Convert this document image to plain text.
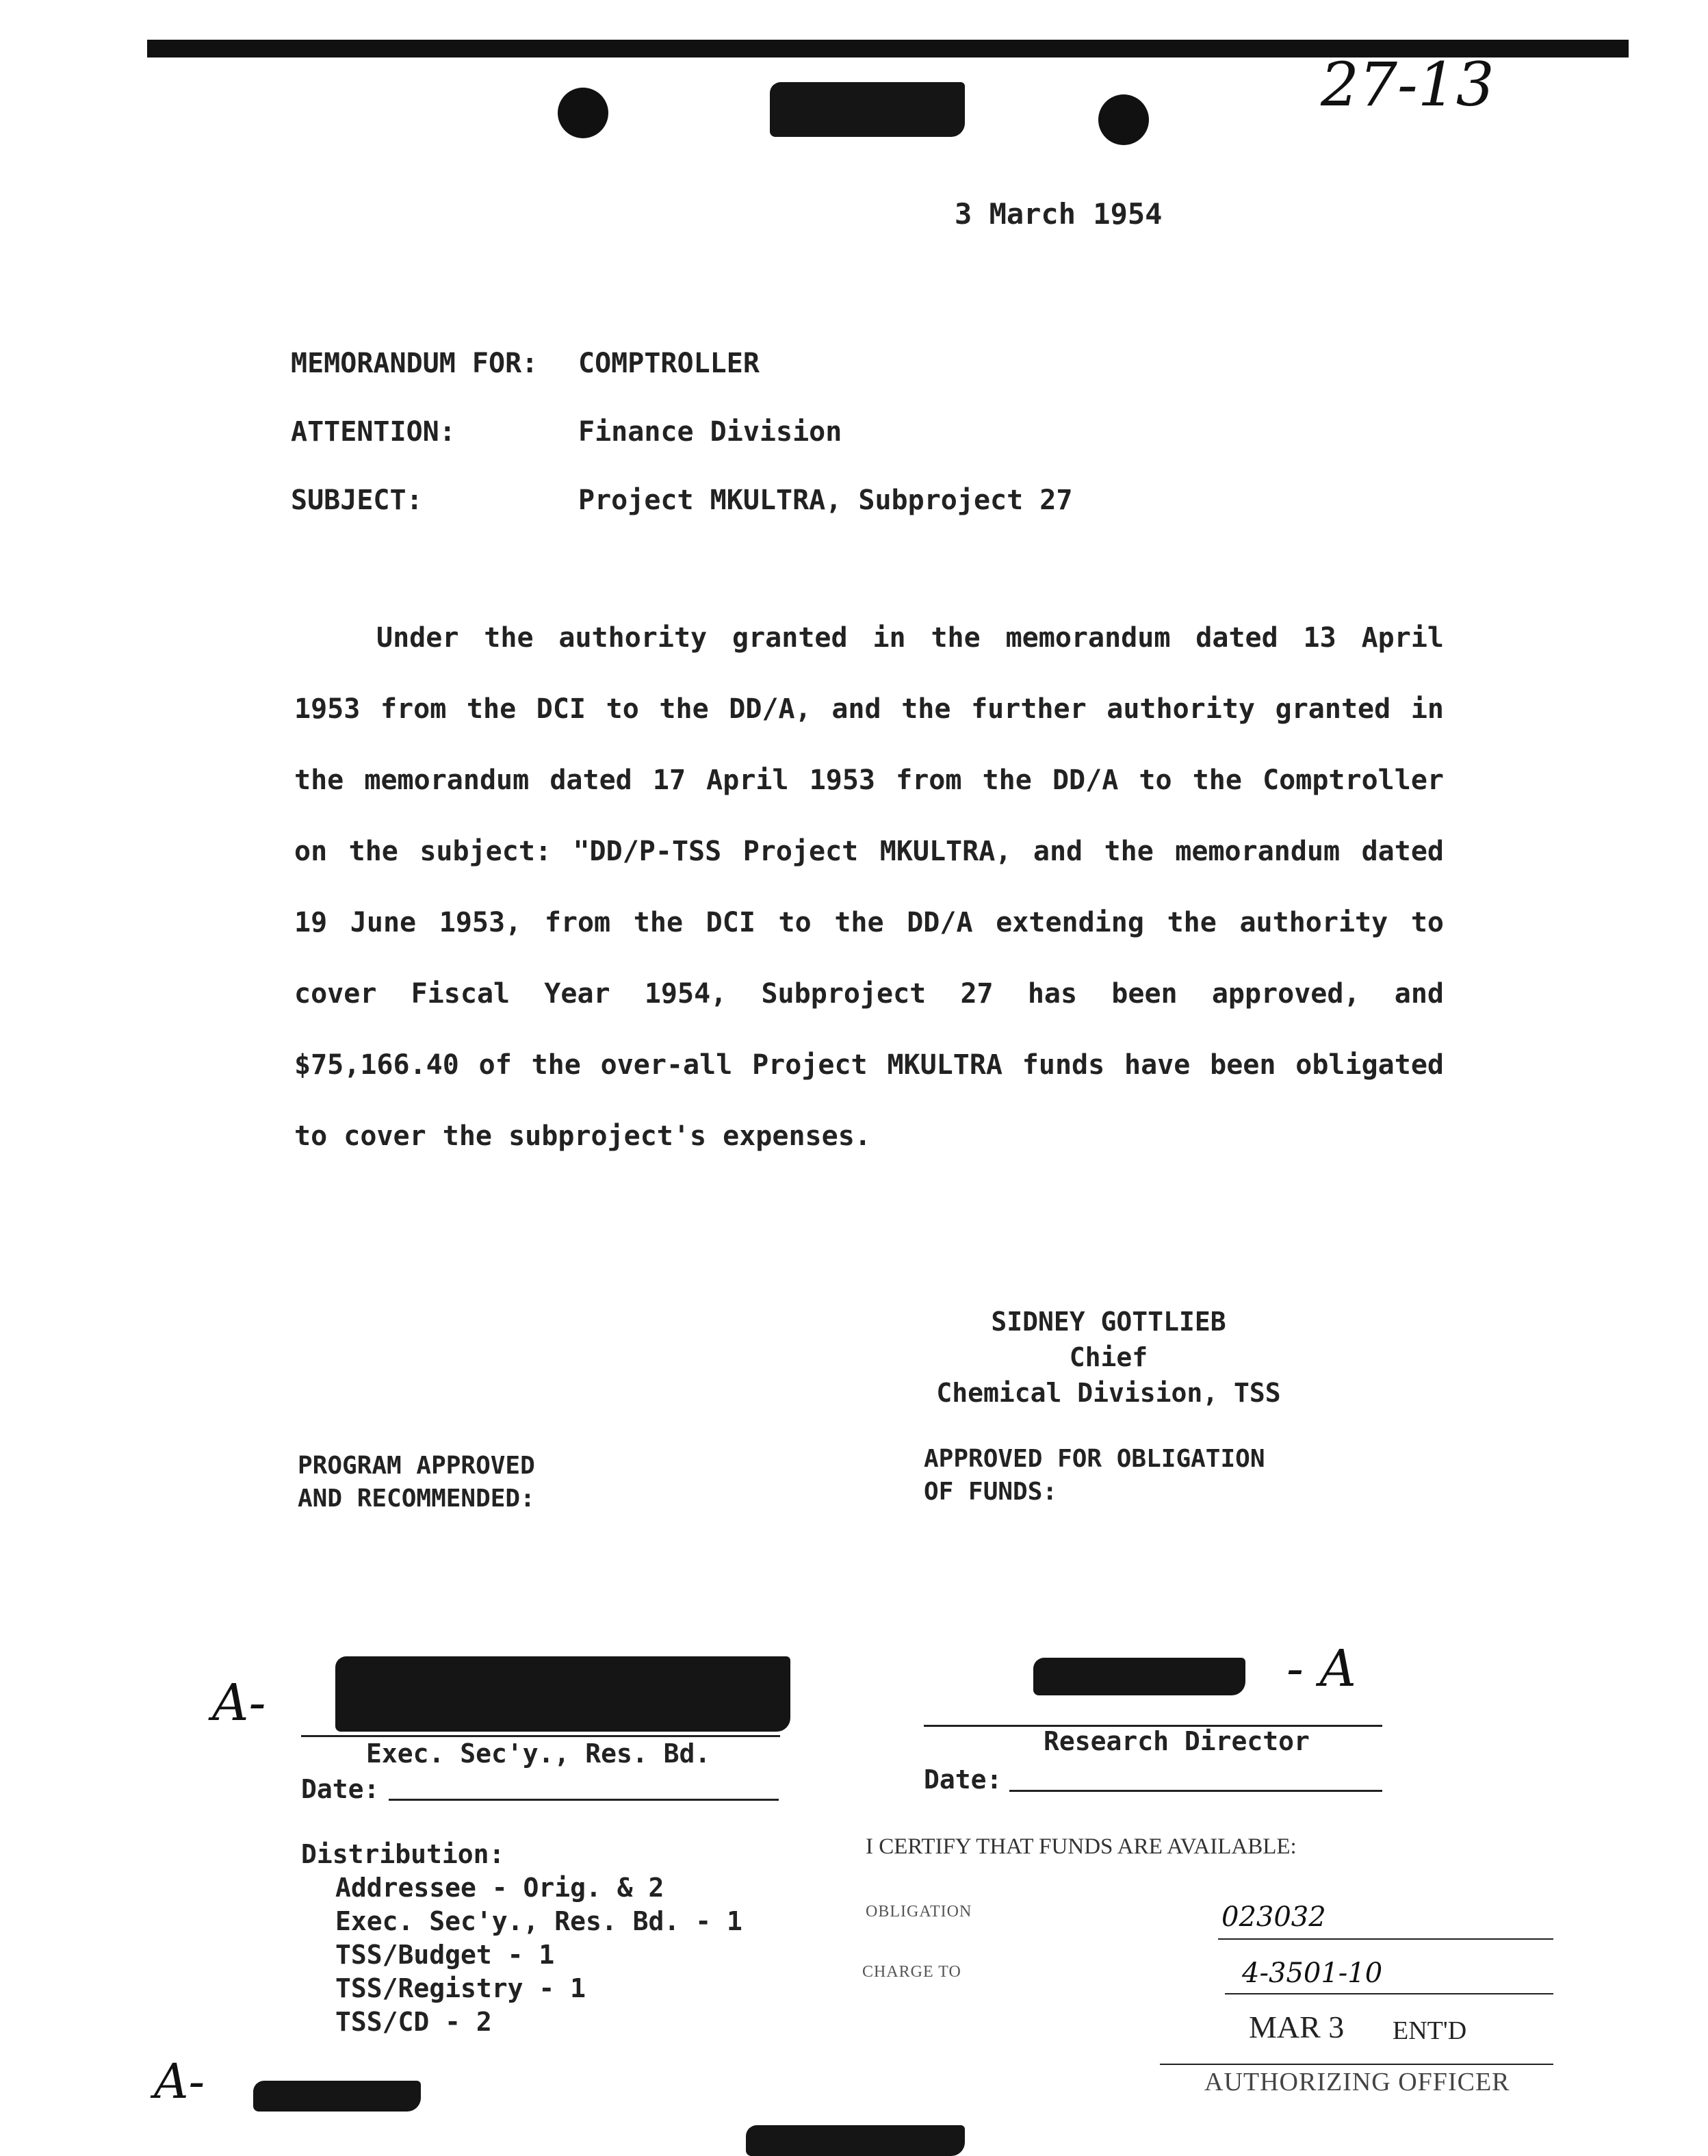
27-13
3 March 1954
MEMORANDUM FOR: COMPTROLLER
ATTENTION:	Finance Division
SUBJECT:	Project MKULTRA, Subproject 27

Under the authority granted in the memorandum dated 13 April 1953 from the DCI to the DD/A, and the further authority granted in the memorandum dated 17 April 1953 from the DD/A to the Comptroller on the subject: "DD/P-TSS Project MKULTRA, and the memorandum dated 19 June 1953, from the DCI to the DD/A extending the authority to cover Fiscal Year 1954, Subproject 27 has been approved, and $75,166.40 of the over-all Project MKULTRA funds have been obligated to cover the subproject's expenses.

SIDNEY GOTTLIEB
Chief
Chemical Division, TSS
PROGRAM APPROVED
AND RECOMMENDED:
APPROVED FOR OBLIGATION
OF FUNDS:
A-
- A
Exec. Sec'y., Res. Bd.	Research Director
Date:	Date:
Distribution:
Addressee - Orig. & 2
Exec. Sec'y., Res. Bd. - 1
TSS/Budget - 1
TSS/Registry - 1
TSS/CD - 2
I CERTIFY THAT FUNDS ARE AVAILABLE:
OBLIGATION	023032
CHARGE TO	4-3501-10
MAR 3 ENT'D
AUTHORIZING OFFICER
A-
